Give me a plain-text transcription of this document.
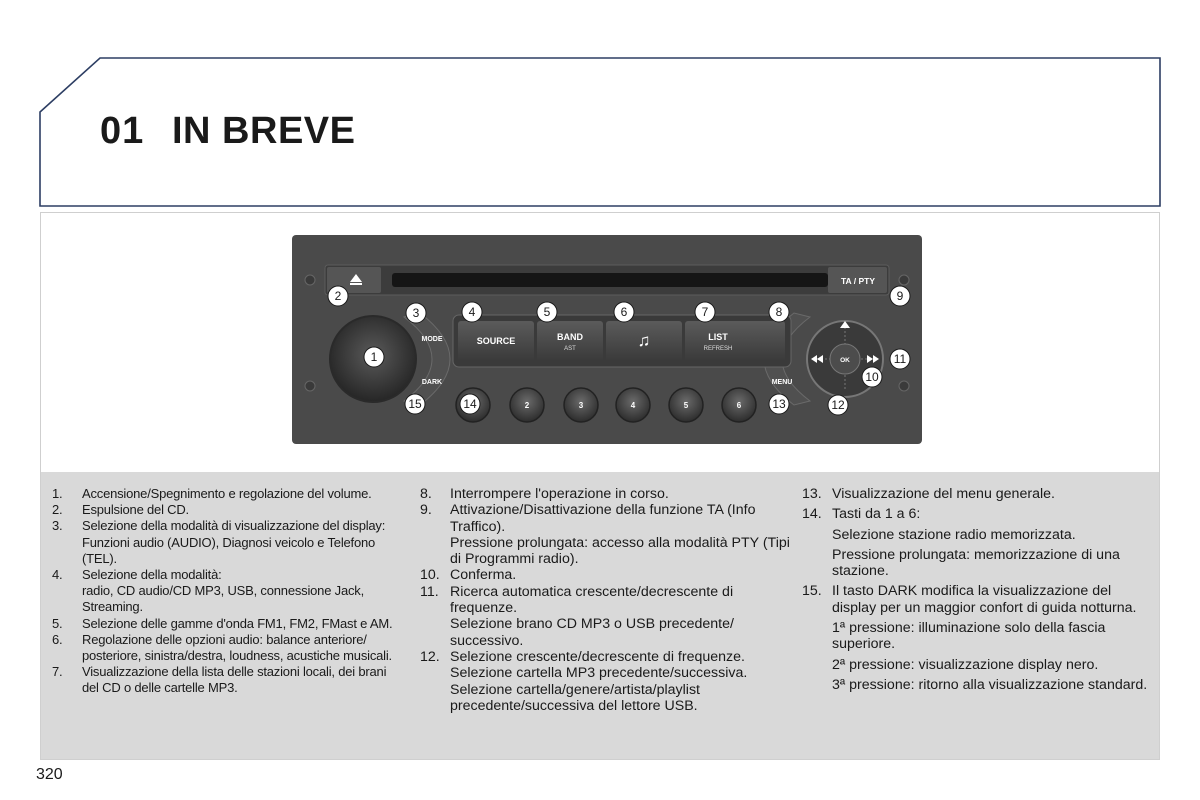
01 IN BREVE
TA / PTY
MODE
DARK	MENU
SOURCE	BAND
AST	♫	LIST
REFRESH
OK
2	3	4	5	6
1
2
3	4	5	6	7	8
9
10
11
12
13
14
15
1.	Accensione/Spegnimento e regolazione del volume.
2.	Espulsione del CD.
3.	Selezione della modalità di visualizzazione del display:
Funzioni audio (AUDIO), Diagnosi veicolo e Telefono (TEL).
4.	Selezione della modalità:
radio, CD audio/CD MP3, USB, connessione Jack, Streaming.
5.	Selezione delle gamme d'onda FM1, FM2, FMast e AM.
6.	Regolazione delle opzioni audio: balance anteriore/ posteriore, sinistra/destra, loudness, acustiche musicali.
7.	Visualizzazione della lista delle stazioni locali, dei brani del CD o delle cartelle MP3.
8.	Interrompere l'operazione in corso.
9.	Attivazione/Disattivazione della funzione TA (Info Traffico).
Pressione prolungata: accesso alla modalità PTY (Tipi di Programmi radio).
10. Conferma.
11. Ricerca automatica crescente/decrescente di frequenze.
Selezione brano CD MP3 o USB precedente/ successivo.
12. Selezione crescente/decrescente di frequenze.
Selezione cartella MP3 precedente/successiva.
Selezione cartella/genere/artista/playlist precedente/successiva del lettore USB.
13. Visualizzazione del menu generale.
14. Tasti da 1 a 6:
Selezione stazione radio memorizzata.
Pressione prolungata: memorizzazione di una stazione.
15. Il tasto DARK modifica la visualizzazione del display per un maggior confort di guida notturna.
1ª pressione: illuminazione solo della fascia superiore.
2ª pressione: visualizzazione display nero.
3ª pressione: ritorno alla visualizzazione standard.
320
